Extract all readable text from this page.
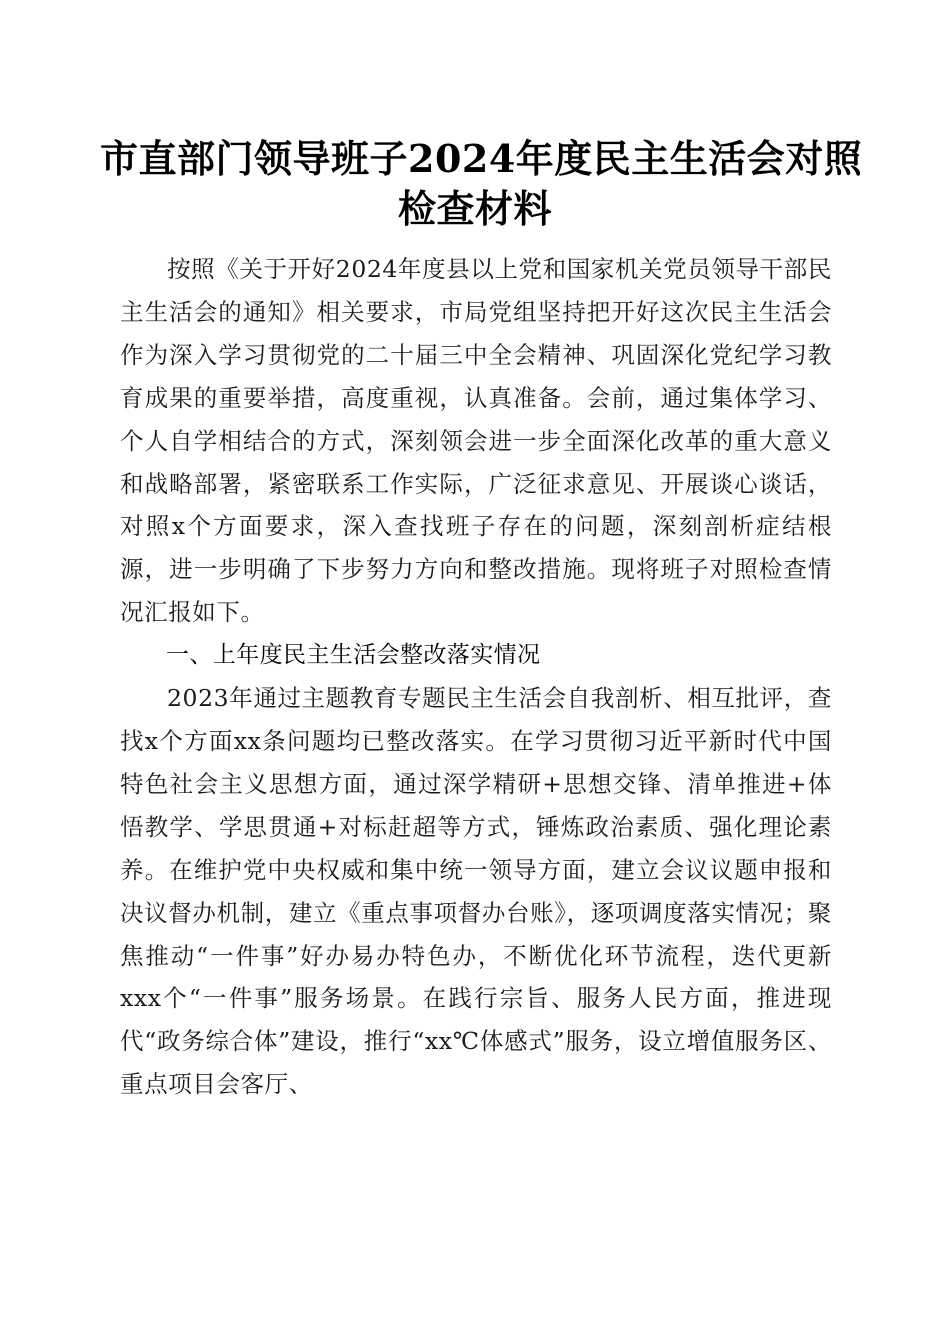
市直部门领导班子2024年度民主生活会对照
检查材料

按照《关于开好2024年度县以上党和国家机关党员领导干部民主生活会的通知》相关要求，市局党组坚持把开好这次民主生活会作为深入学习贯彻党的二十届三中全会精神、巩固深化党纪学习教育成果的重要举措，高度重视，认真准备。会前，通过集体学习、个人自学相结合的方式，深刻领会进一步全面深化改革的重大意义和战略部署，紧密联系工作实际，广泛征求意见、开展谈心谈话，对照x个方面要求，深入查找班子存在的问题，深刻剖析症结根源，进一步明确了下步努力方向和整改措施。现将班子对照检查情况汇报如下。

一、上年度民主生活会整改落实情况

2023年通过主题教育专题民主生活会自我剖析、相互批评，查找x个方面xx条问题均已整改落实。在学习贯彻习近平新时代中国特色社会主义思想方面，通过深学精研+思想交锋、清单推进+体悟教学、学思贯通+对标赶超等方式，锤炼政治素质、强化理论素养。在维护党中央权威和集中统一领导方面，建立会议议题申报和决议督办机制，建立《重点事项督办台账》，逐项调度落实情况；聚焦推动“一件事”好办易办特色办，不断优化环节流程，迭代更新xxx个“一件事”服务场景。在践行宗旨、服务人民方面，推进现代“政务综合体”建设，推行“xx℃体感式”服务，设立增值服务区、重点项目会客厅、
